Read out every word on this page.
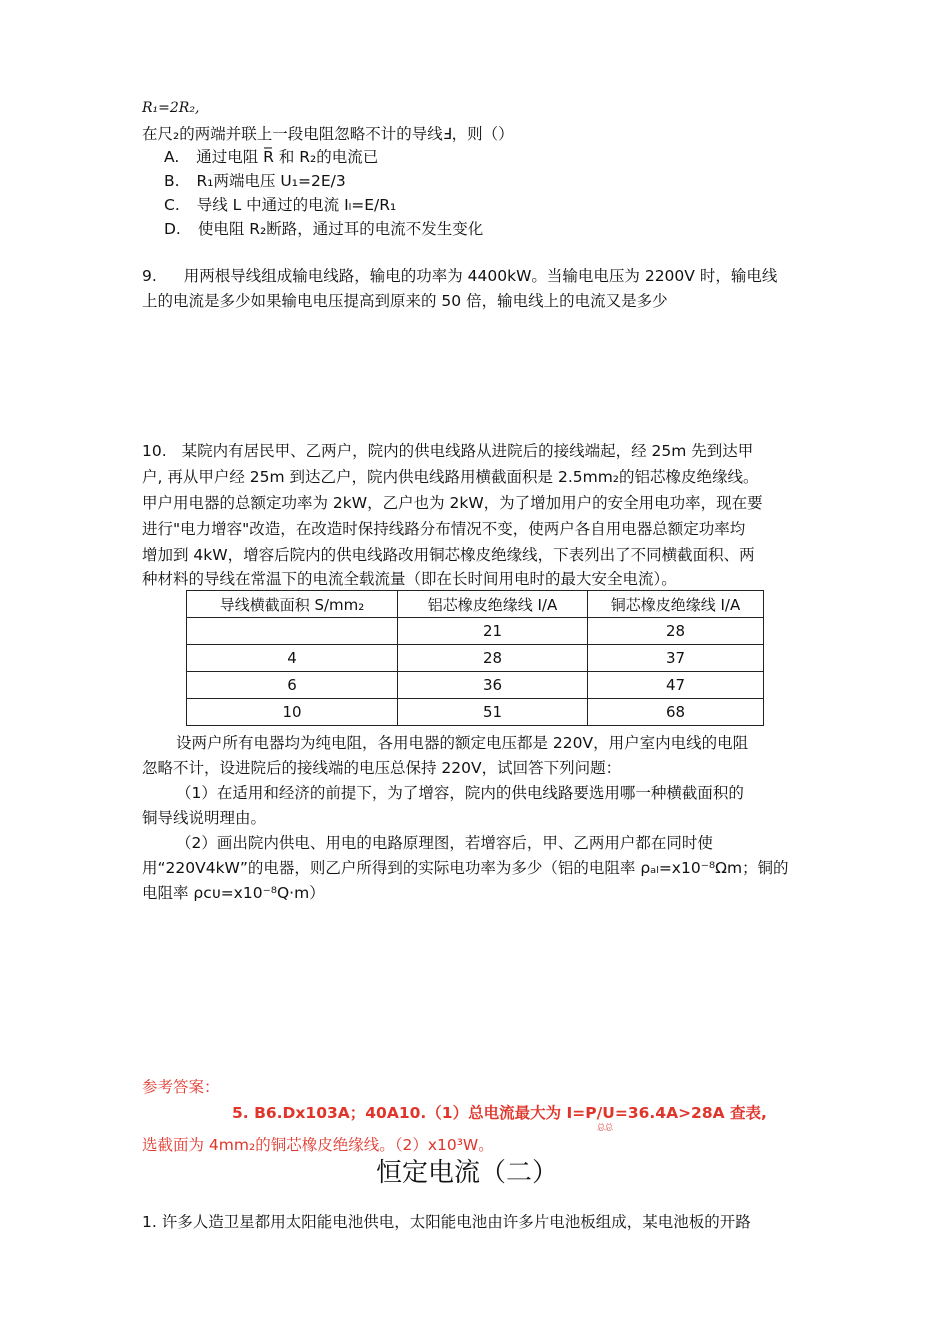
R₁=2R₂,
在尺₂的两端并联上一段电阻忽略不计的导线Ⅎ，则（）
A. 通过电阻 R̅ 和 R₂的电流已
B. R₁两端电压 U₁=2E/3
C. 导线 L 中通过的电流 Iₗ=E/R₁
D. 使电阻 R₂断路，通过耳的电流不发生变化
9. 用两根导线组成输电线路，输电的功率为 4400kW。当输电电压为 2200V 时，输电线
上的电流是多少如果输电电压提高到原来的 50 倍，输电线上的电流又是多少
10. 某院内有居民甲、乙两户，院内的供电线路从进院后的接线端起，经 25m 先到达甲
户, 再从甲户经 25m 到达乙户，院内供电线路用横截面积是 2.5mm₂的铝芯橡皮绝缘线。
甲户用电器的总额定功率为 2kW，乙户也为 2kW，为了增加用户的安全用电功率，现在要
进行"电力增容"改造，在改造时保持线路分布情况不变，使两户各自用电器总额定功率均
增加到 4kW，增容后院内的供电线路改用铜芯橡皮绝缘线，下表列出了不同横截面积、两
种材料的导线在常温下的电流全载流量（即在长时间用电时的最大安全电流）。
导线横截面积 S/mm₂	铝芯橡皮绝缘线 I/A	铜芯橡皮绝缘线 I/A
	21	28
4	28	37
6	36	47
10	51	68
设两户所有电器均为纯电阻，各用电器的额定电压都是 220V，用户室内电线的电阻
忽略不计，设进院后的接线端的电压总保持 220V，试回答下列问题：
（1）在适用和经济的前提下，为了增容，院内的供电线路要选用哪一种横截面积的
铜导线说明理由。
（2）画出院内供电、用电的电路原理图，若增容后，甲、乙两用户都在同时使
用“220V4kW”的电器，则乙户所得到的实际电功率为多少（铝的电阻率 ρₐₗ=x10⁻⁸Ωm；铜的
电阻率 ρᴄᴜ=x10⁻⁸Q·m）
参考答案：
5. B6.Dx103A；40A10.（1）总电流最大为 I=P/U=36.4A>28A 查表,
总总
选截面为 4mm₂的铜芯橡皮绝缘线。（2）x10³W。
恒定电流（二）
1. 许多人造卫星都用太阳能电池供电，太阳能电池由许多片电池板组成，某电池板的开路
